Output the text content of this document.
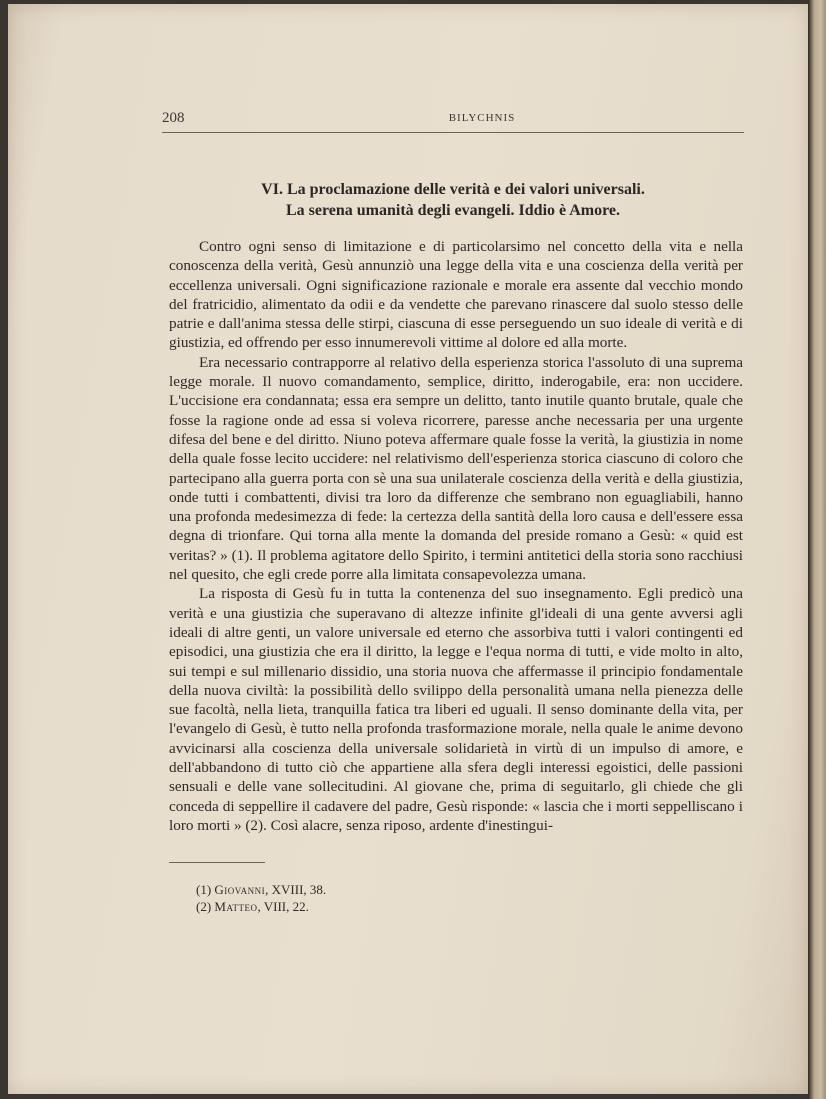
208	BILYCHNIS
VI. La proclamazione delle verità e dei valori universali.
La serena umanità degli evangeli. Iddio è Amore.

Contro ogni senso di limitazione e di particolarsimo nel concetto della vita e nella conoscenza della verità, Gesù annunziò una legge della vita e una coscienza della verità per eccellenza universali. Ogni significazione razionale e morale era assente dal vecchio mondo del fratricidio, alimentato da odii e da vendette che parevano rinascere dal suolo stesso delle patrie e dall'anima stessa delle stirpi, ciascuna di esse perseguendo un suo ideale di verità e di giustizia, ed offrendo per esso innumerevoli vittime al dolore ed alla morte.

Era necessario contrapporre al relativo della esperienza storica l'assoluto di una suprema legge morale. Il nuovo comandamento, semplice, diritto, inderogabile, era: non uccidere. L'uccisione era condannata; essa era sempre un delitto, tanto inutile quanto brutale, quale che fosse la ragione onde ad essa si voleva ricorrere, paresse anche necessaria per una urgente difesa del bene e del diritto. Niuno poteva affermare quale fosse la verità, la giustizia in nome della quale fosse lecito uccidere: nel relativismo dell'esperienza storica ciascuno di coloro che partecipano alla guerra porta con sè una sua unilaterale coscienza della verità e della giustizia, onde tutti i combattenti, divisi tra loro da differenze che sembrano non eguagliabili, hanno una profonda medesimezza di fede: la certezza della santità della loro causa e dell'essere essa degna di trionfare. Qui torna alla mente la domanda del preside romano a Gesù: « quid est veritas? » (1). Il problema agitatore dello Spirito, i termini antitetici della storia sono racchiusi nel quesito, che egli crede porre alla limitata consapevolezza umana.

La risposta di Gesù fu in tutta la contenenza del suo insegnamento. Egli predicò una verità e una giustizia che superavano di altezze infinite gl'ideali di una gente avversi agli ideali di altre genti, un valore universale ed eterno che assorbiva tutti i valori contingenti ed episodici, una giustizia che era il diritto, la legge e l'equa norma di tutti, e vide molto in alto, sui tempi e sul millenario dissidio, una storia nuova che affermasse il principio fondamentale della nuova civiltà: la possibilità dello svilippo della personalità umana nella pienezza delle sue facoltà, nella lieta, tranquilla fatica tra liberi ed uguali. Il senso dominante della vita, per l'evangelo di Gesù, è tutto nella profonda trasformazione morale, nella quale le anime devono avvicinarsi alla coscienza della universale solidarietà in virtù di un impulso di amore, e dell'abbandono di tutto ciò che appartiene alla sfera degli interessi egoistici, delle passioni sensuali e delle vane sollecitudini. Al giovane che, prima di seguitarlo, gli chiede che gli conceda di seppellire il cadavere del padre, Gesù risponde: « lascia che i morti seppelliscano i loro morti » (2). Così alacre, senza riposo, ardente d'inestingui-

(1) Giovanni, XVIII, 38.
(2) Matteo, VIII, 22.
